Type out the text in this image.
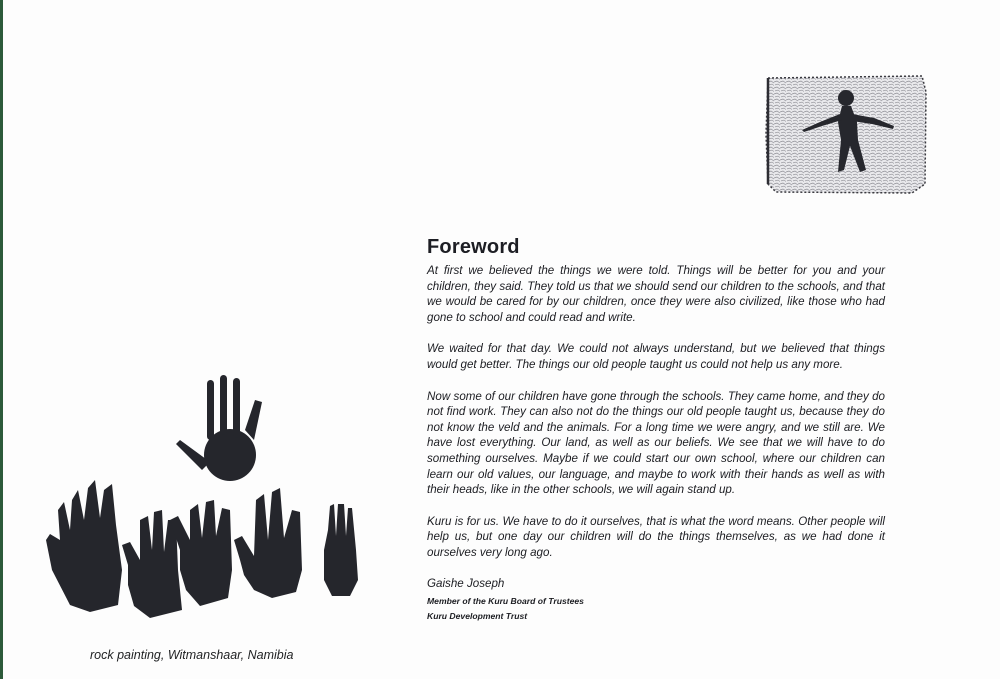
rock painting, Witmanshaar, Namibia
Foreword

At first we believed the things we were told. Things will be better for you and your children, they said. They told us that we should send our children to the schools, and that we would be cared for by our children, once they were also civilized, like those who had gone to school and could read and write.

We waited for that day. We could not always understand, but we believed that things would get better. The things our old people taught us could not help us any more.

Now some of our children have gone through the schools. They came home, and they do not find work. They can also not do the things our old people taught us, because they do not know the veld and the animals. For a long time we were angry, and we still are. We have lost everything. Our land, as well as our beliefs. We see that we will have to do something ourselves. Maybe if we could start our own school, where our children can learn our old values, our language, and maybe to work with their hands as well as with their heads, like in the other schools, we will again stand up.

Kuru is for us. We have to do it ourselves, that is what the word means. Other people will help us, but one day our children will do the things themselves, as we had done it ourselves very long ago.

Gaishe Joseph
Member of the Kuru Board of Trustees
Kuru Development Trust
